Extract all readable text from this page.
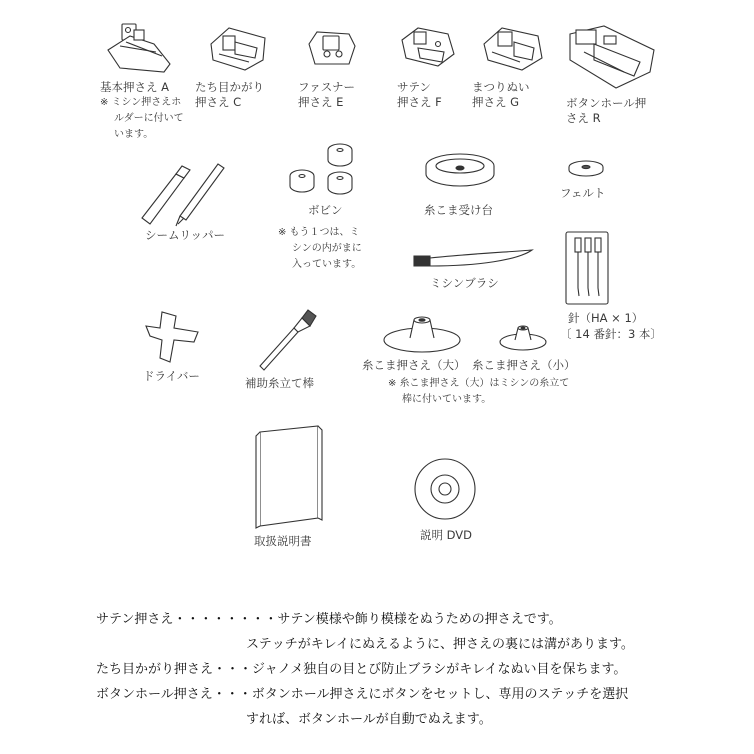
基本押さえ A
※ ミシン押さえホ
ルダーに付いて
います。
たち目かがり
押さえ C
ファスナー
押さえ E
サテン
押さえ F
まつりぬい
押さえ G	ボタンホール押
さえ R
シームリッパー
ボビン
※ もう１つは、ミ
シンの内がまに
入っています。
糸こま受け台
フェルト
ミシンブラシ
針（HA × 1）
〔 14 番針：3 本〕
ドライバー	補助糸立て棒
糸こま押さえ（大） 糸こま押さえ（小）
※ 糸こま押さえ（大）はミシンの糸立て
棒に付いています。
取扱説明書	説明 DVD
サテン押さえ・・・・・・・・サテン模様や飾り模様をぬうための押さえです。
ステッチがキレイにぬえるように、押さえの裏には溝があります。
たち目かがり押さえ・・・ジャノメ独自の目とび防止ブラシがキレイなぬい目を保ちます。
ボタンホール押さえ・・・ボタンホール押さえにボタンをセットし、専用のステッチを選択
すれば、ボタンホールが自動でぬえます。
